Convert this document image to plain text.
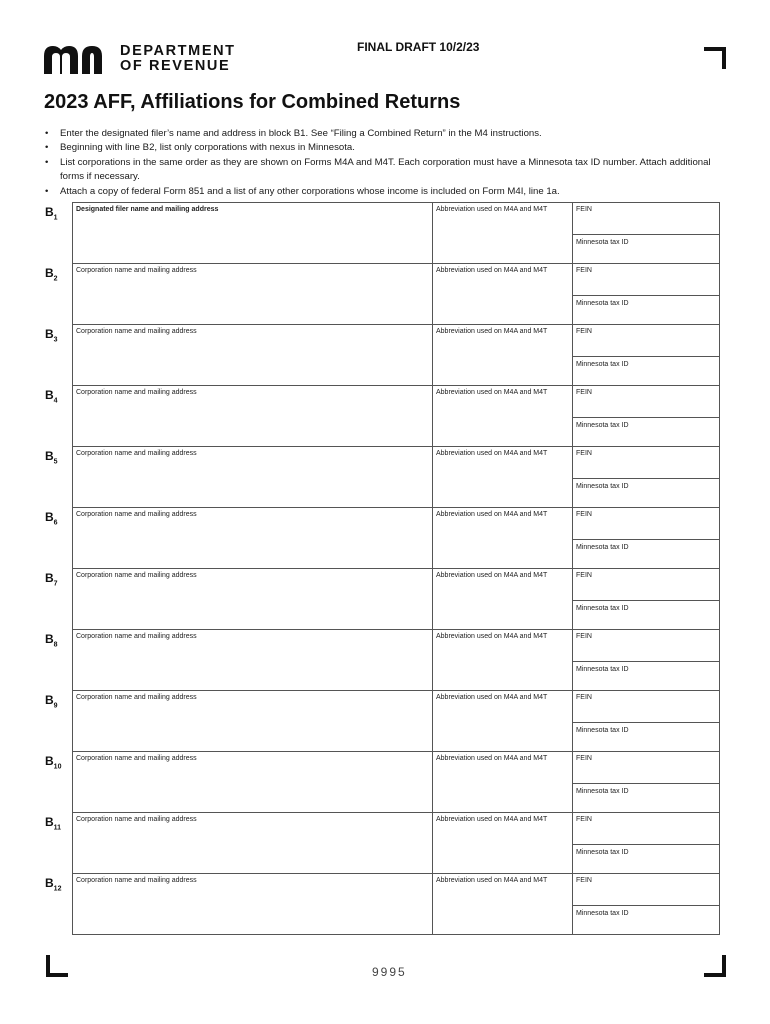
DEPARTMENT
OF REVENUE
FINAL DRAFT 10/2/23
2023 AFF, Affiliations for Combined Returns
• Enter the designated filer’s name and address in block B1. See “Filing a Combined Return” in the M4 instructions.
• Beginning with line B2, list only corporations with nexus in Minnesota.
• List corporations in the same order as they are shown on Forms M4A and M4T. Each corporation must have a Minnesota tax ID number. Attach additional forms if necessary.
• Attach a copy of federal Form 851 and a list of any other corporations whose income is included on Form M4I, line 1a.
$B_1$
Designated filer name and mailing address	Abbreviation used on M4A and M4T	FEIN
Minnesota tax ID
$B_2$
Corporation name and mailing address	Abbreviation used on M4A and M4T	FEIN
Minnesota tax ID
$B_3$
Corporation name and mailing address	Abbreviation used on M4A and M4T	FEIN
Minnesota tax ID
$B_4$
Corporation name and mailing address	Abbreviation used on M4A and M4T	FEIN
Minnesota tax ID
$B_5$
Corporation name and mailing address	Abbreviation used on M4A and M4T	FEIN
Minnesota tax ID
$B_6$
Corporation name and mailing address	Abbreviation used on M4A and M4T	FEIN
Minnesota tax ID
$B_7$
Corporation name and mailing address	Abbreviation used on M4A and M4T	FEIN
Minnesota tax ID
$B_8$
Corporation name and mailing address	Abbreviation used on M4A and M4T	FEIN
Minnesota tax ID
$B_9$
Corporation name and mailing address	Abbreviation used on M4A and M4T	FEIN
Minnesota tax ID
$B_{10}$
Corporation name and mailing address	Abbreviation used on M4A and M4T	FEIN
Minnesota tax ID
$B_{11}$
Corporation name and mailing address	Abbreviation used on M4A and M4T	FEIN
Minnesota tax ID
$B_{12}$
Corporation name and mailing address	Abbreviation used on M4A and M4T	FEIN
Minnesota tax ID
9995
